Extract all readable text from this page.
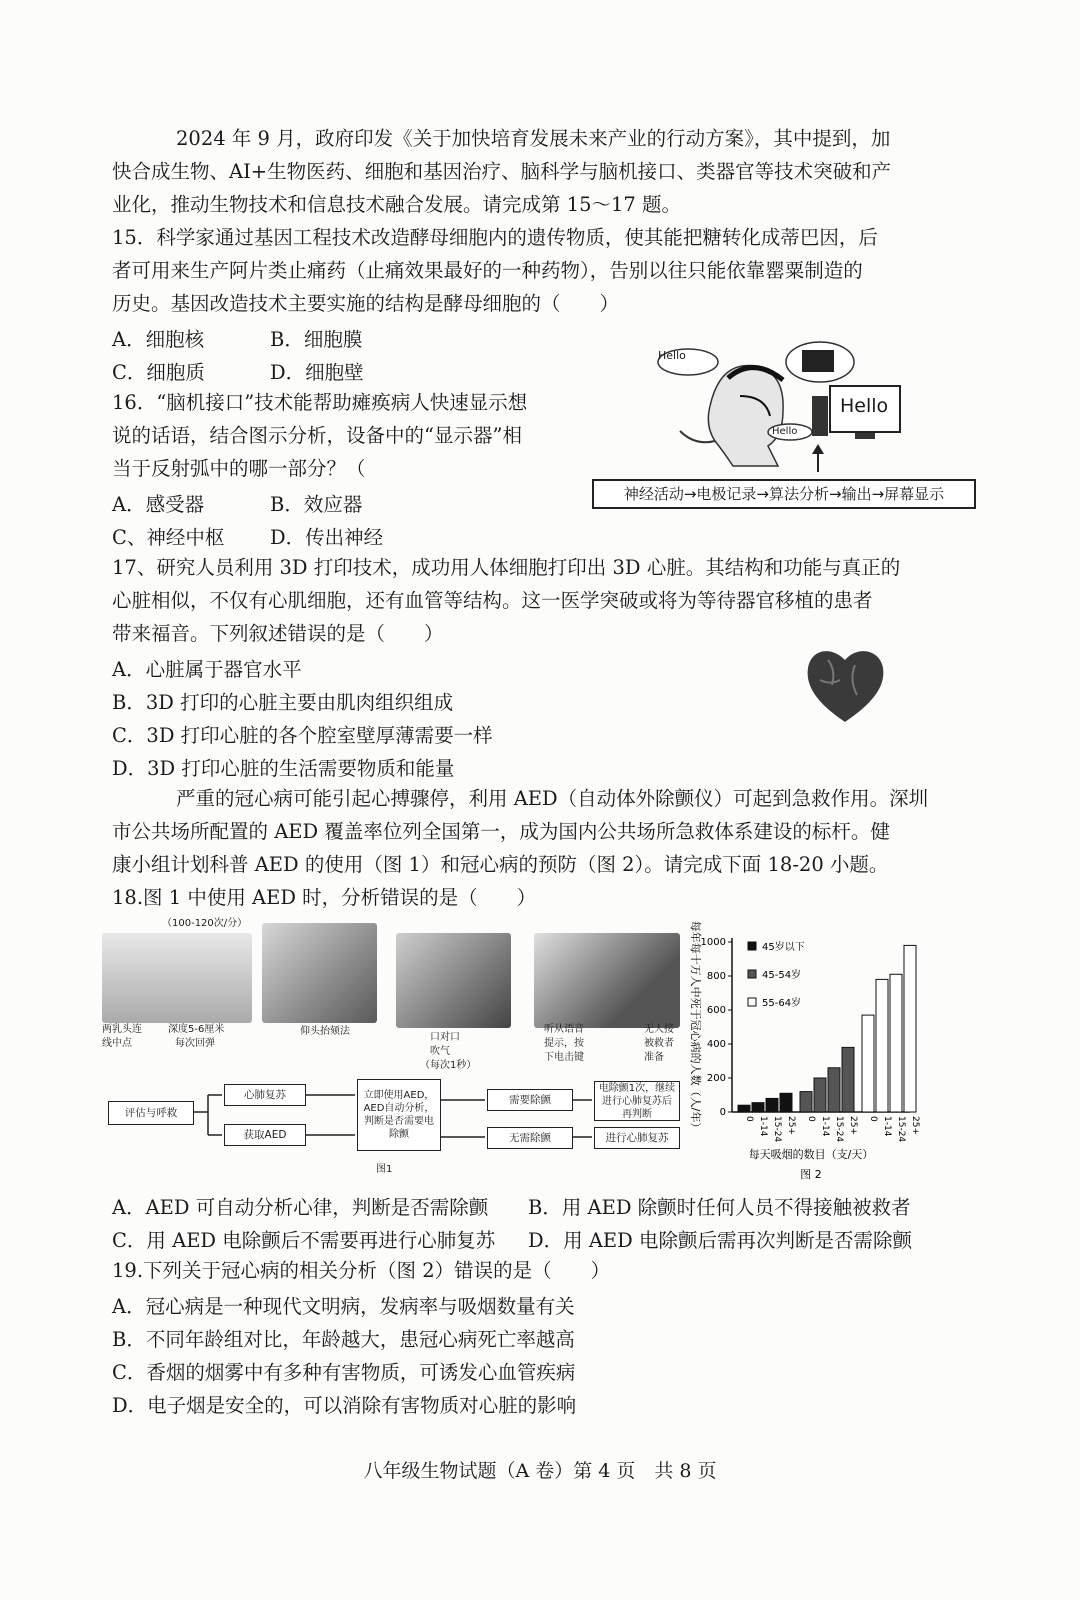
2024 年 9 月，政府印发《关于加快培育发展未来产业的行动方案》，其中提到，加
快合成生物、AI+生物医药、细胞和基因治疗、脑科学与脑机接口、类器官等技术突破和产
业化，推动生物技术和信息技术融合发展。请完成第 15～17 题。
15．科学家通过基因工程技术改造酵母细胞内的遗传物质，使其能把糖转化成蒂巴因，后
者可用来生产阿片类止痛药（止痛效果最好的一种药物），告别以往只能依靠罂粟制造的
历史。基因改造技术主要实施的结构是酵母细胞的（　　）
A．细胞核	B．细胞膜
C．细胞质	D．细胞壁
16．“脑机接口”技术能帮助瘫痪病人快速显示想
说的话语，结合图示分析，设备中的“显示器”相
当于反射弧中的哪一部分？（
A．感受器	B．效应器
C、神经中枢 D．传出神经
Hello
Hello
Hello
神经活动→电极记录→算法分析→输出→屏幕显示
17、研究人员利用 3D 打印技术，成功用人体细胞打印出 3D 心脏。其结构和功能与真正的
心脏相似，不仅有心肌细胞，还有血管等结构。这一医学突破或将为等待器官移植的患者
带来福音。下列叙述错误的是（　　）
A．心脏属于器官水平
B．3D 打印的心脏主要由肌肉组织组成
C．3D 打印心脏的各个腔室壁厚薄需要一样
D．3D 打印心脏的生活需要物质和能量
严重的冠心病可能引起心搏骤停，利用 AED（自动体外除颤仪）可起到急救作用。深圳
市公共场所配置的 AED 覆盖率位列全国第一，成为国内公共场所急救体系建设的标杆。健
康小组计划科普 AED 的使用（图 1）和冠心病的预防（图 2）。请完成下面 18-20 小题。
18.图 1 中使用 AED 时，分析错误的是（　　）
（100-120次/分）
两乳头连
线中点
深度5-6厘米
每次回弹
仰头抬颏法
口对口
吹气
（每次1秒）
听从语音
提示，按
下电击键
无人接
被救者
准备
评估与呼救
心肺复苏
获取AED
立即使用AED，AED自动分析，判断是否需要电除颤
需要除颤
无需除颤
电除颤1次，继续进行心肺复苏后再判断
进行心肺复苏
图1
0
200
400
600
800
1000
每年每十万人中死于冠心病的人数（人/年）	0 1-14 15-24 25+ 0 1-14 15-24 25+ 0 1-14 15-24 25+
45岁以下
45-54岁
55-64岁
每天吸烟的数目（支/天）
图 2
A．AED 可自动分析心律，判断是否需除颤 B．用 AED 除颤时任何人员不得接触被救者
C．用 AED 电除颤后不需要再进行心肺复苏 D．用 AED 电除颤后需再次判断是否需除颤
19.下列关于冠心病的相关分析（图 2）错误的是（　　）
A．冠心病是一种现代文明病，发病率与吸烟数量有关
B．不同年龄组对比，年龄越大，患冠心病死亡率越高
C．香烟的烟雾中有多种有害物质，可诱发心血管疾病
D．电子烟是安全的，可以消除有害物质对心脏的影响
八年级生物试题（A 卷）第 4 页　共 8 页
